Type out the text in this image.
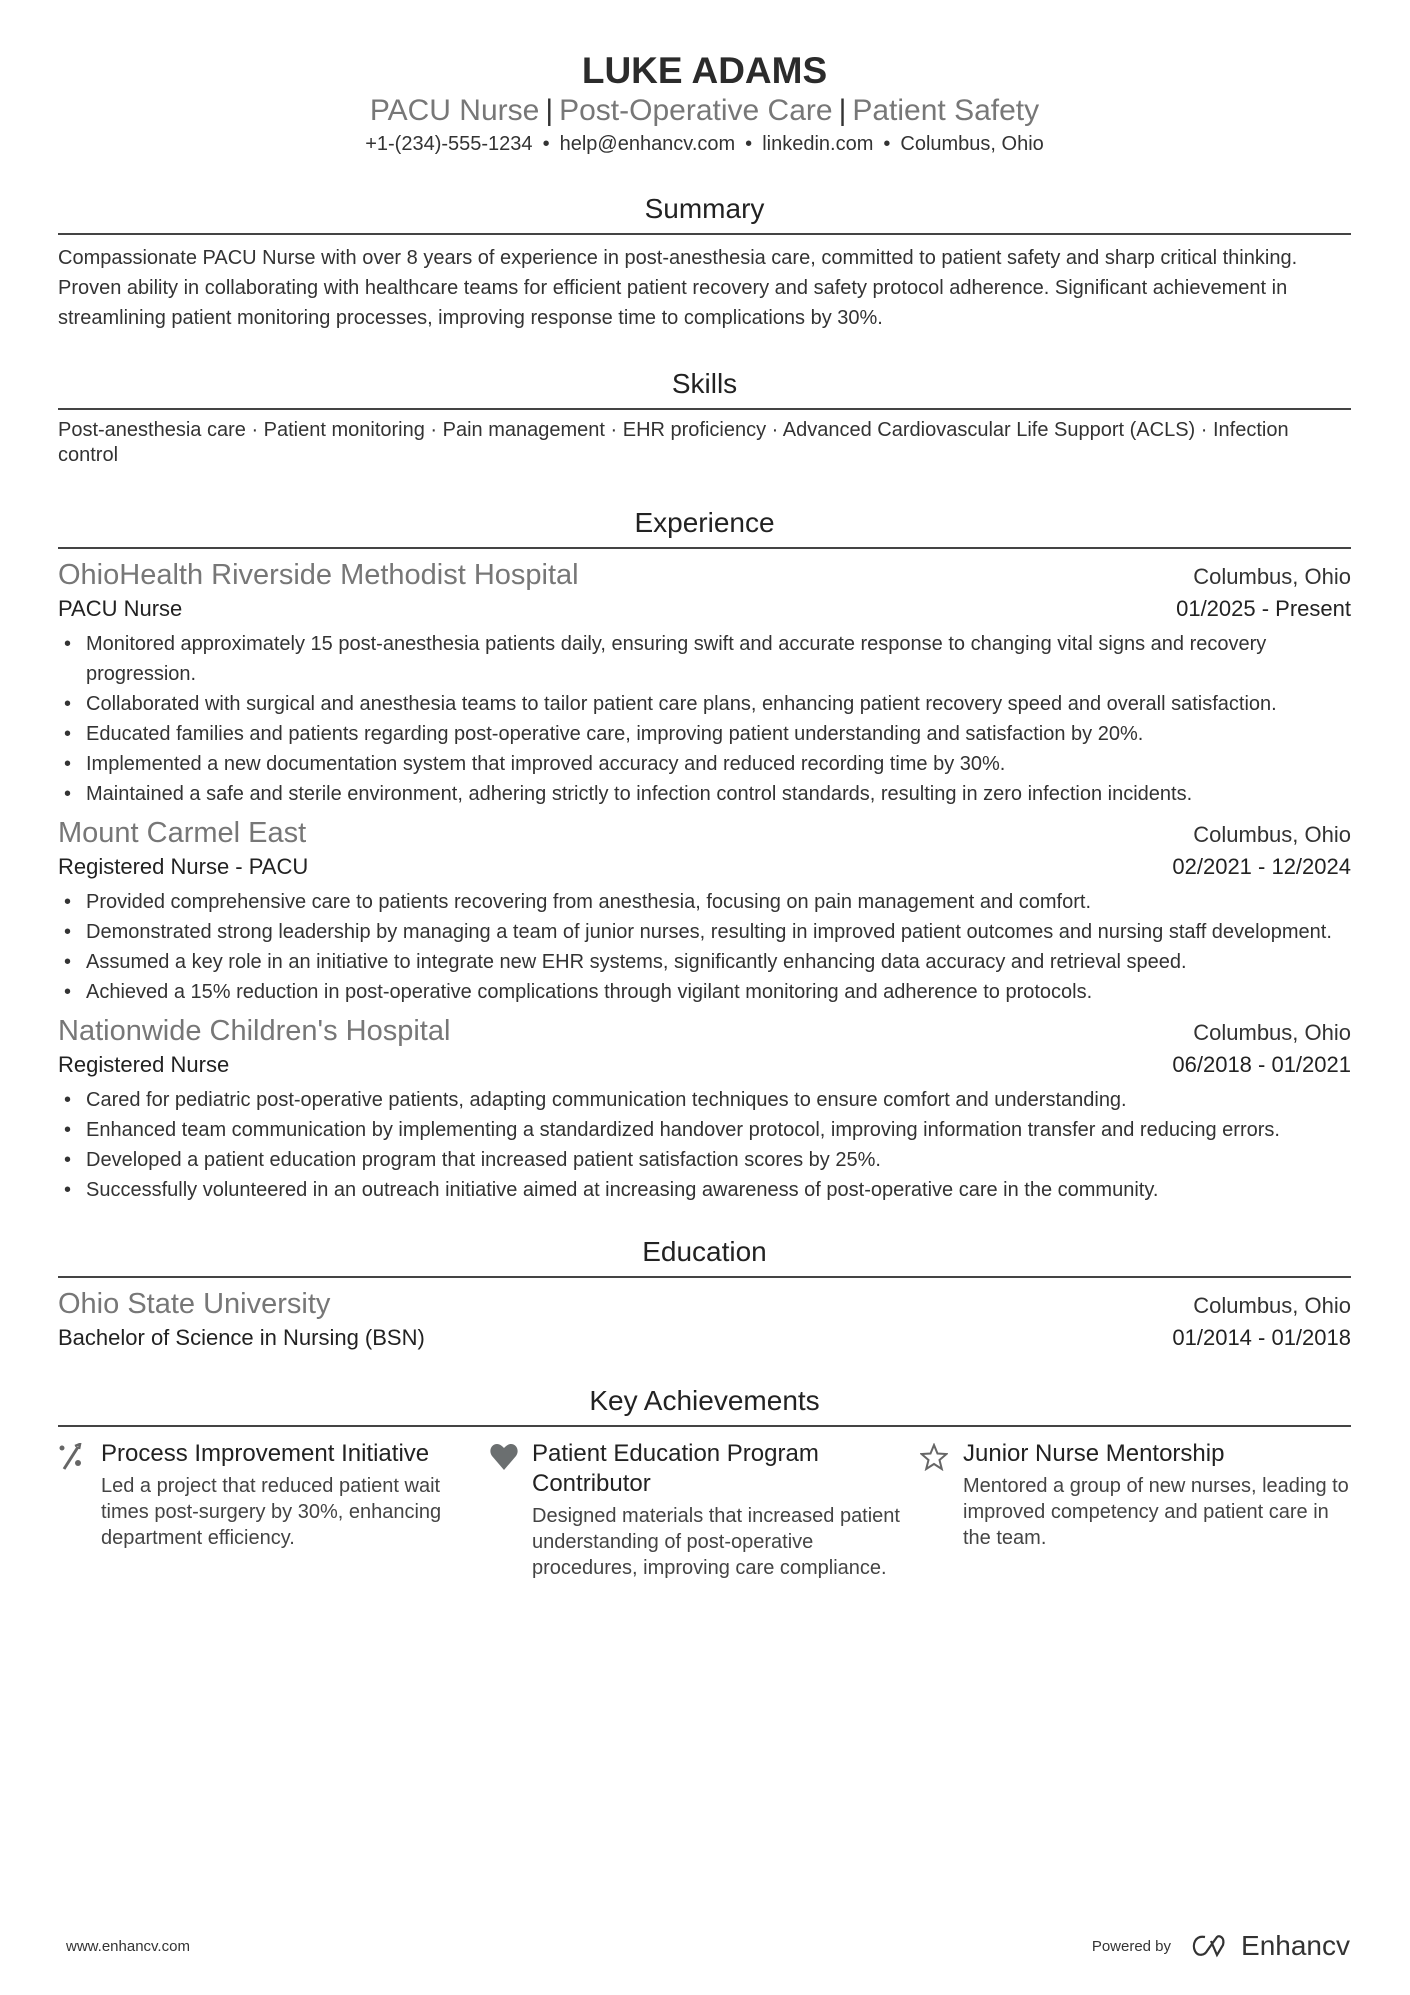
LUKE ADAMS
PACU Nurse | Post-Operative Care | Patient Safety
+1-(234)-555-1234 • help@enhancv.com • linkedin.com • Columbus, Ohio
Summary
Compassionate PACU Nurse with over 8 years of experience in post-anesthesia care, committed to patient safety and sharp critical thinking. Proven ability in collaborating with healthcare teams for efficient patient recovery and safety protocol adherence. Significant achievement in streamlining patient monitoring processes, improving response time to complications by 30%.
Skills
Post-anesthesia care · Patient monitoring · Pain management · EHR proficiency · Advanced Cardiovascular Life Support (ACLS) · Infection control
Experience
OhioHealth Riverside Methodist Hospital	Columbus, Ohio
PACU Nurse	01/2025 - Present
• Monitored approximately 15 post-anesthesia patients daily, ensuring swift and accurate response to changing vital signs and recovery progression.
• Collaborated with surgical and anesthesia teams to tailor patient care plans, enhancing patient recovery speed and overall satisfaction.
• Educated families and patients regarding post-operative care, improving patient understanding and satisfaction by 20%.
• Implemented a new documentation system that improved accuracy and reduced recording time by 30%.
• Maintained a safe and sterile environment, adhering strictly to infection control standards, resulting in zero infection incidents.
Mount Carmel East	Columbus, Ohio
Registered Nurse - PACU	02/2021 - 12/2024
• Provided comprehensive care to patients recovering from anesthesia, focusing on pain management and comfort.
• Demonstrated strong leadership by managing a team of junior nurses, resulting in improved patient outcomes and nursing staff development.
• Assumed a key role in an initiative to integrate new EHR systems, significantly enhancing data accuracy and retrieval speed.
• Achieved a 15% reduction in post-operative complications through vigilant monitoring and adherence to protocols.
Nationwide Children's Hospital	Columbus, Ohio
Registered Nurse	06/2018 - 01/2021
• Cared for pediatric post-operative patients, adapting communication techniques to ensure comfort and understanding.
• Enhanced team communication by implementing a standardized handover protocol, improving information transfer and reducing errors.
• Developed a patient education program that increased patient satisfaction scores by 25%.
• Successfully volunteered in an outreach initiative aimed at increasing awareness of post-operative care in the community.
Education
Ohio State University	Columbus, Ohio
Bachelor of Science in Nursing (BSN)	01/2014 - 01/2018
Key Achievements
Process Improvement Initiative
Led a project that reduced patient wait times post-surgery by 30%, enhancing department efficiency.
Patient Education Program Contributor
Designed materials that increased patient understanding of post-operative procedures, improving care compliance.
Junior Nurse Mentorship
Mentored a group of new nurses, leading to improved competency and patient care in the team.
www.enhancv.com	Powered by	Enhancv
